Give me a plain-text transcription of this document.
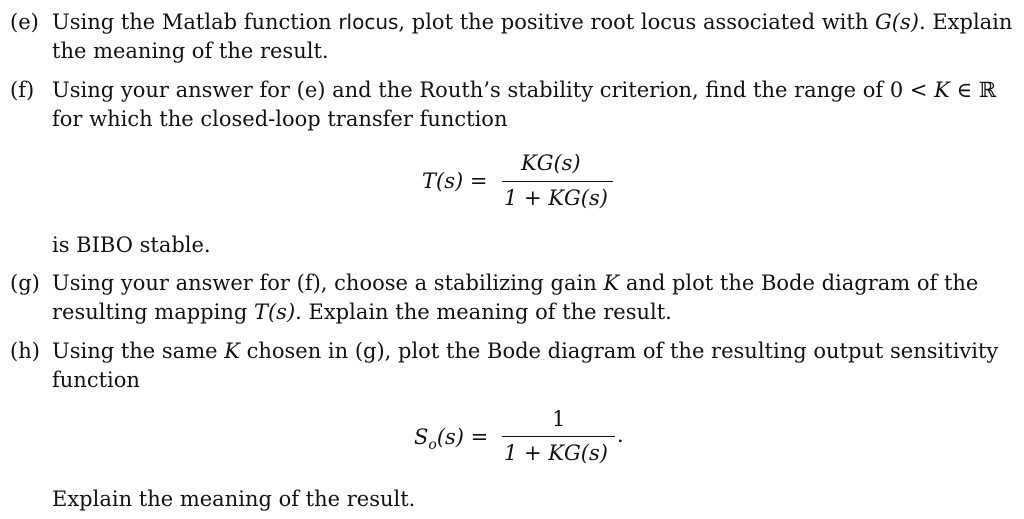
(e) Using the Matlab function rlocus, plot the positive root locus associated with G(s). Explain
the meaning of the result.
(f) Using your answer for (e) and the Routh’s stability criterion, find the range of 0 < K ∈ ℝ
for which the closed-loop transfer function
T(s) =
KG(s)
1 + KG(s)
is BIBO stable.
(g) Using your answer for (f), choose a stabilizing gain K and plot the Bode diagram of the
resulting mapping T(s). Explain the meaning of the result.
(h) Using the same K chosen in (g), plot the Bode diagram of the resulting output sensitivity
function
$S_o(s)$ =
1
1 + KG(s)
.
Explain the meaning of the result.
